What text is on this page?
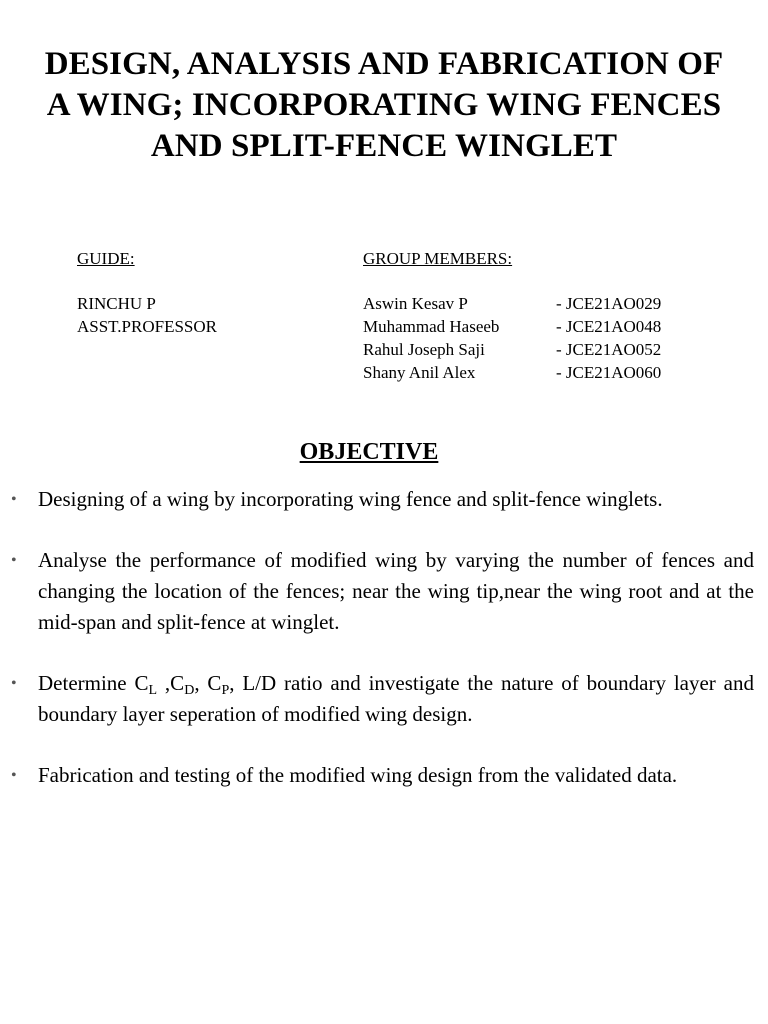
DESIGN, ANALYSIS AND FABRICATION OF
A WING; INCORPORATING WING FENCES
AND SPLIT-FENCE WINGLET
GUIDE:
RINCHU P
ASST.PROFESSOR
GROUP MEMBERS:
Aswin Kesav P	- JCE21AO029
Muhammad Haseeb	- JCE21AO048
Rahul Joseph Saji	- JCE21AO052
Shany Anil Alex	- JCE21AO060
OBJECTIVE
• Designing of a wing by incorporating wing fence and split-fence winglets.
• Analyse the performance of modified wing by varying the number of fences and changing the location of the fences; near the wing tip,near the wing root and at the mid-span and split-fence at winglet.
• Determine $C_L$ $,C_D$, $C_P$, L/D ratio and investigate the nature of boundary layer and boundary layer seperation of modified wing design.
• Fabrication and testing of the modified wing design from the validated data.
